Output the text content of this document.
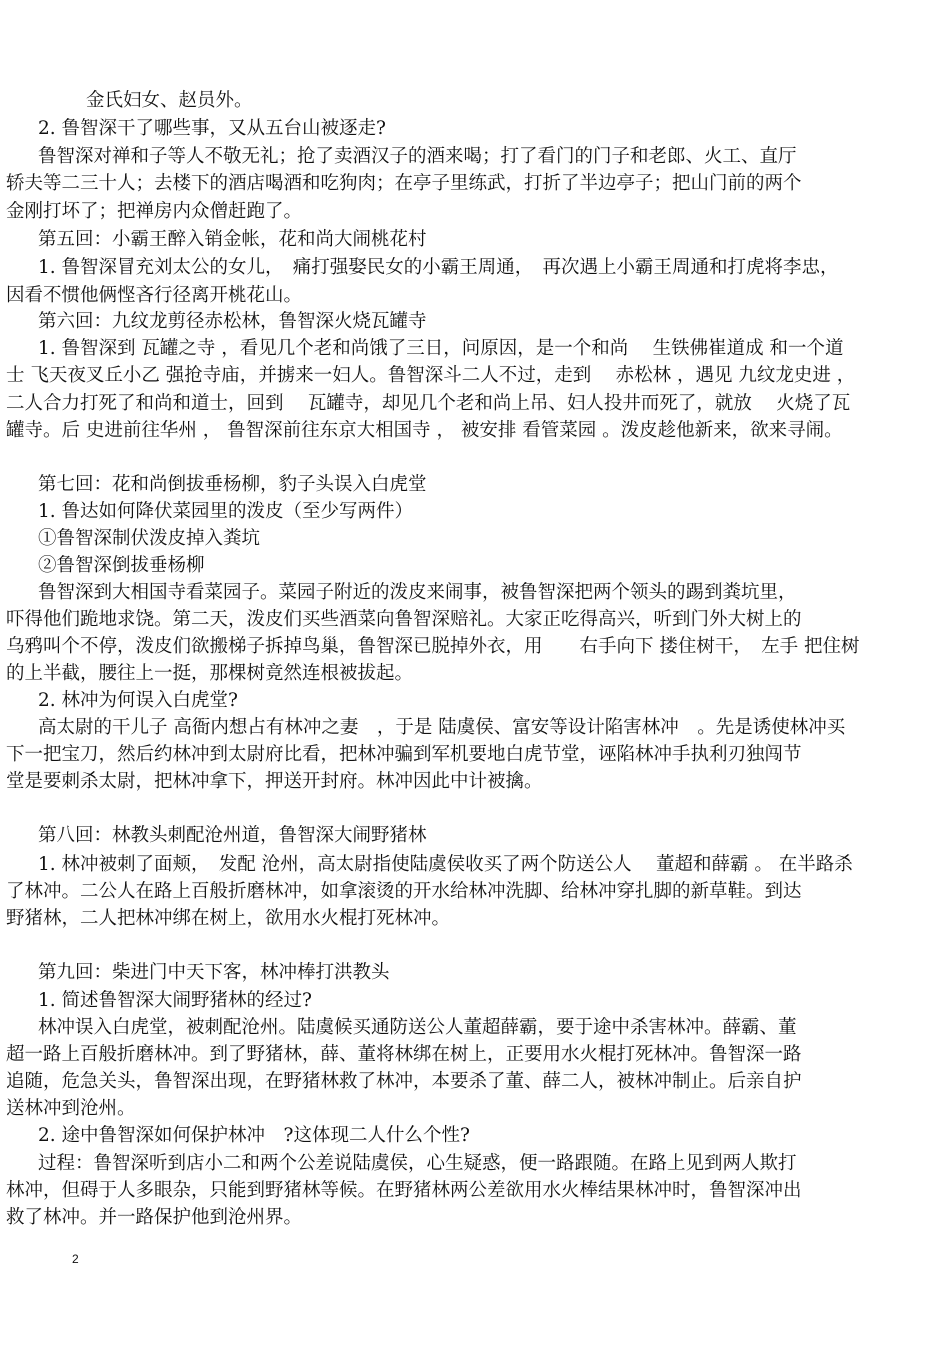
金氏妇女、赵员外。
2. 鲁智深干了哪些事，又从五台山被逐走?
鲁智深对禅和子等人不敬无礼；抢了卖酒汉子的酒来喝；打了看门的门子和老郎、火工、直厅
轿夫等二三十人；去楼下的酒店喝酒和吃狗肉；在亭子里练武，打折了半边亭子；把山门前的两个
金刚打坏了；把禅房内众僧赶跑了。
第五回：小霸王醉入销金帐，花和尚大闹桃花村
1. 鲁智深冒充刘太公的女儿，　痛打强娶民女的小霸王周通，　再次遇上小霸王周通和打虎将李忠，
因看不惯他俩悭吝行径离开桃花山。
第六回：九纹龙剪径赤松林，鲁智深火烧瓦罐寺
1. 鲁智深到 瓦罐之寺 ，看见几个老和尚饿了三日，问原因，是一个和尚　 生铁佛崔道成 和一个道
士 飞天夜叉丘小乙 强抢寺庙，并掳来一妇人。鲁智深斗二人不过，走到　 赤松林 ，遇见 九纹龙史进 ，
二人合力打死了和尚和道士，回到　 瓦罐寺，却见几个老和尚上吊、妇人投井而死了，就放　 火烧了瓦
罐寺。后 史进前往华州 ， 鲁智深前往东京大相国寺 ， 被安排 看管菜园 。泼皮趁他新来，欲来寻闹。
第七回：花和尚倒拔垂杨柳，豹子头误入白虎堂
1. 鲁达如何降伏菜园里的泼皮（至少写两件）
①鲁智深制伏泼皮掉入粪坑
②鲁智深倒拔垂杨柳
鲁智深到大相国寺看菜园子。菜园子附近的泼皮来闹事，被鲁智深把两个领头的踢到粪坑里，
吓得他们跪地求饶。第二天，泼皮们买些酒菜向鲁智深赔礼。大家正吃得高兴，听到门外大树上的
乌鸦叫个不停，泼皮们欲搬梯子拆掉鸟巢，鲁智深已脱掉外衣，用　　右手向下 搂住树干，　左手 把住树
的上半截，腰往上一挺，那棵树竟然连根被拔起。
2. 林冲为何误入白虎堂?
高太尉的干儿子 高衙内想占有林冲之妻　，于是 陆虞侯、富安等设计陷害林冲　。先是诱使林冲买
下一把宝刀，然后约林冲到太尉府比看，把林冲骗到军机要地白虎节堂，诬陷林冲手执利刃独闯节
堂是要刺杀太尉，把林冲拿下，押送开封府。林冲因此中计被擒。
第八回：林教头刺配沧州道，鲁智深大闹野猪林
1. 林冲被刺了面颊，　发配 沧州，高太尉指使陆虞侯收买了两个防送公人　 董超和薛霸 。 在半路杀
了林冲。二公人在路上百般折磨林冲，如拿滚烫的开水给林冲洗脚、给林冲穿扎脚的新草鞋。到达
野猪林，二人把林冲绑在树上，欲用水火棍打死林冲。
第九回：柴进门中天下客，林冲棒打洪教头
1. 简述鲁智深大闹野猪林的经过?
林冲误入白虎堂，被刺配沧州。陆虞候买通防送公人董超薛霸，要于途中杀害林冲。薛霸、董
超一路上百般折磨林冲。到了野猪林，薛、董将林绑在树上，正要用水火棍打死林冲。鲁智深一路
追随，危急关头，鲁智深出现，在野猪林救了林冲，本要杀了董、薛二人，被林冲制止。后亲自护
送林冲到沧州。
2. 途中鲁智深如何保护林冲　?这体现二人什么个性?
过程：鲁智深听到店小二和两个公差说陆虞侯，心生疑惑，便一路跟随。在路上见到两人欺打
林冲，但碍于人多眼杂，只能到野猪林等候。在野猪林两公差欲用水火棒结果林冲时，鲁智深冲出
救了林冲。并一路保护他到沧州界。
2
